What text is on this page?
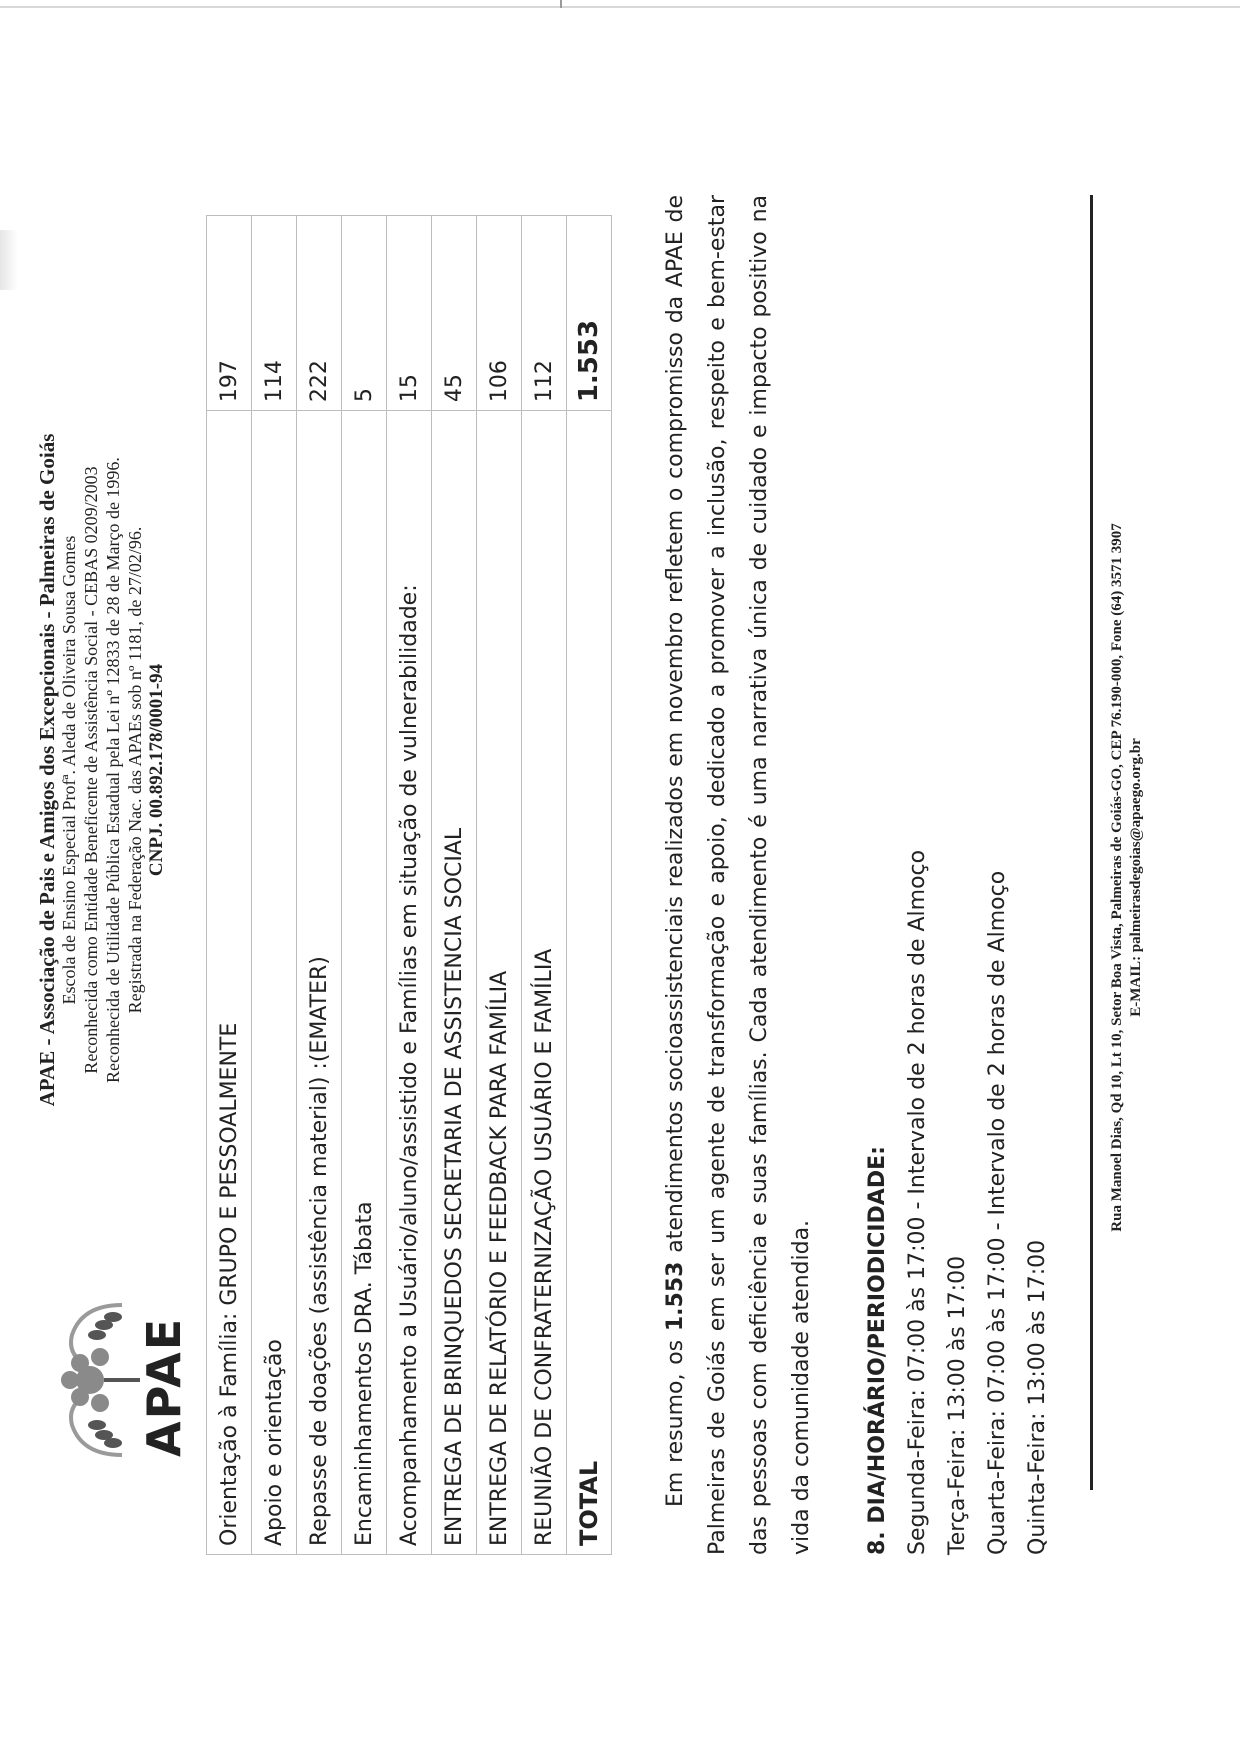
APAE
APAE - Associação de Pais e Amigos dos Excepcionais - Palmeiras de Goiás Escola de Ensino Especial Profª. Aleda de Oliveira Sousa Gomes Reconhecida como Entidade Beneficente de Assistência Social - CEBAS 0209/2003 Reconhecida de Utilidade Pública Estadual pela Lei nº 12833 de 28 de Março de 1996. Registrada na Federação Nac. das APAEs sob nº 1181, de 27/02/96. CNPJ. 00.892.178/0001-94
Orientação à Família: GRUPO E PESSOALMENTE	197
Apoio e orientação	114
Repasse de doações (assistência material) :(EMATER)	222
Encaminhamentos DRA. Tábata	5
Acompanhamento a Usuário/aluno/assistido e Famílias em situação de vulnerabilidade:	15
ENTREGA DE BRINQUEDOS SECRETARIA DE ASSISTENCIA SOCIAL	45
ENTREGA DE RELATÓRIO E FEEDBACK PARA FAMÍLIA	106
REUNIÃO DE CONFRATERNIZAÇÃO USUÁRIO E FAMÍLIA	112
TOTAL	1.553
Em resumo, os 1.553 atendimentos socioassistenciais realizados em novembro refletem o compromisso da APAE de Palmeiras de Goiás em ser um agente de transformação e apoio, dedicado a promover a inclusão, respeito e bem-estar das pessoas com deficiência e suas famílias. Cada atendimento é uma narrativa única de cuidado e impacto positivo na vida da comunidade atendida.	8. DIA/HORÁRIO/PERIODICIDADE: Segunda-Feira: 07:00 às 17:00 - Intervalo de 2 horas de Almoço Terça-Feira: 13:00 às 17:00 Quarta-Feira: 07:00 às 17:00 - Intervalo de 2 horas de Almoço Quinta-Feira: 13:00 às 17:00
Rua Manoel Dias, Qd 10, Lt 10, Setor Boa Vista, Palmeiras de Goiás-GO, CEP 76.190-000, Fone (64) 3571 3907 E-MAIL: palmeirasdegoias@apaego.org.br
